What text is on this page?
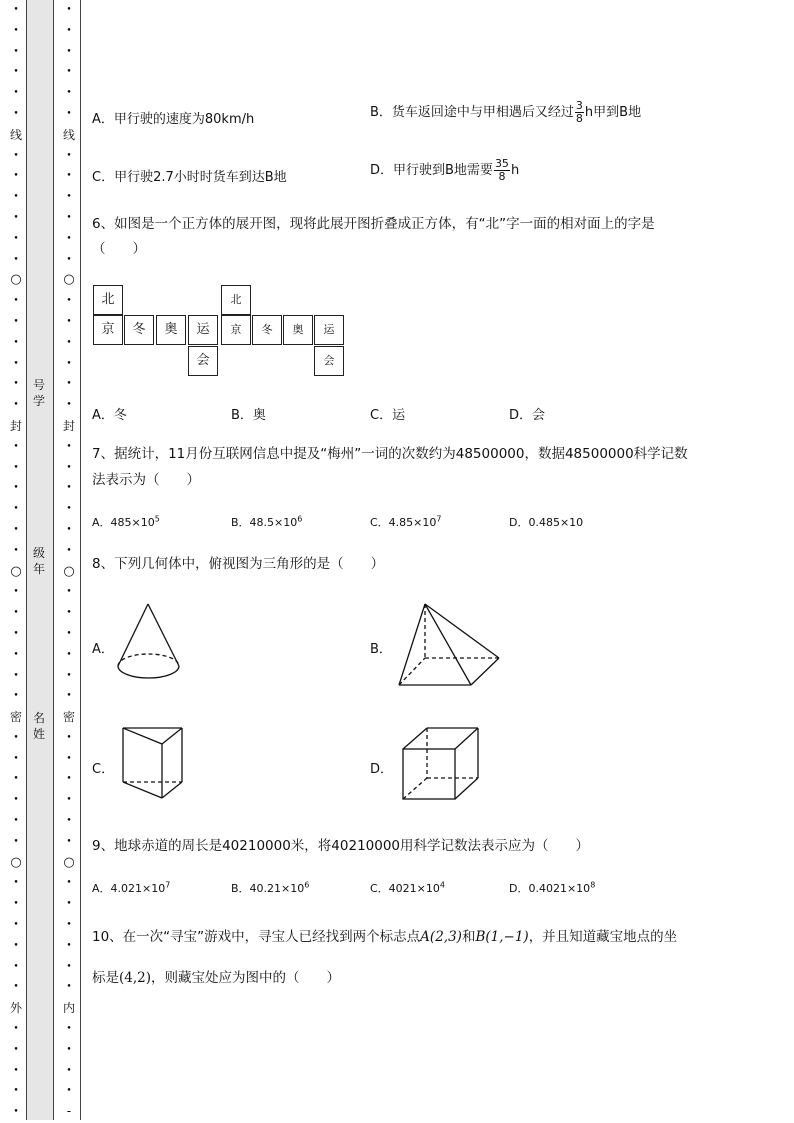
•
•
•
•
•
•
线
•
•
•
•
•
•
○
•
•
•
•
•
•
封
•
•
•
•
•
•
○
•
•
•
•
•
•
密
•
•
•
•
•
•
○
•
•
•
•
•
•
外
•
•
•
•
•
•
•
•
•
•
•
线
•
•
•
•
•
•
○
•
•
•
•
•
•
封
•
•
•
•
•
•
○
•
•
•
•
•
•
密
•
•
•
•
•
•
○
•
•
•
•
•
•
内
•
•
•
•
-
号学
级年
名姓
A．甲行驶的速度为80km/h	B．货车返回途中与甲相遇后又经过 $\frac{3}{8}$ h甲到B地
C．甲行驶2.7小时时货车到达B地	D．甲行驶到B地需要 $\frac{35}{8}$ h
6、如图是一个正方体的展开图，现将此展开图折叠成正方体，有“北”字一面的相对面上的字是
（　　）
北
京	冬	奥	运
会
北
京	冬	奥	运
会
A．冬	B．奥	C．运	D．会
7、据统计，11月份互联网信息中提及“梅州”一词的次数约为48500000，数据48500000科学记数
法表示为（　　）
A．$485\times 10^5$	B．$48.5\times 10^6$	C．$4.85\times 10^7$	D．0.485×10
8、下列几何体中，俯视图为三角形的是（　　）
A．	B．
C．	D．
9、地球赤道的周长是40210000米，将40210000用科学记数法表示应为（　　）
A．$4.021\times 10^7$	B．$40.21\times 10^6$	C．$4021\times 10^4$	D．$0.4021\times 10^8$
10、在一次“寻宝”游戏中，寻宝人已经找到两个标志点A(2,3)和B(1,−1)，并且知道藏宝地点的坐
标是(4,2)，则藏宝处应为图中的（　　）
